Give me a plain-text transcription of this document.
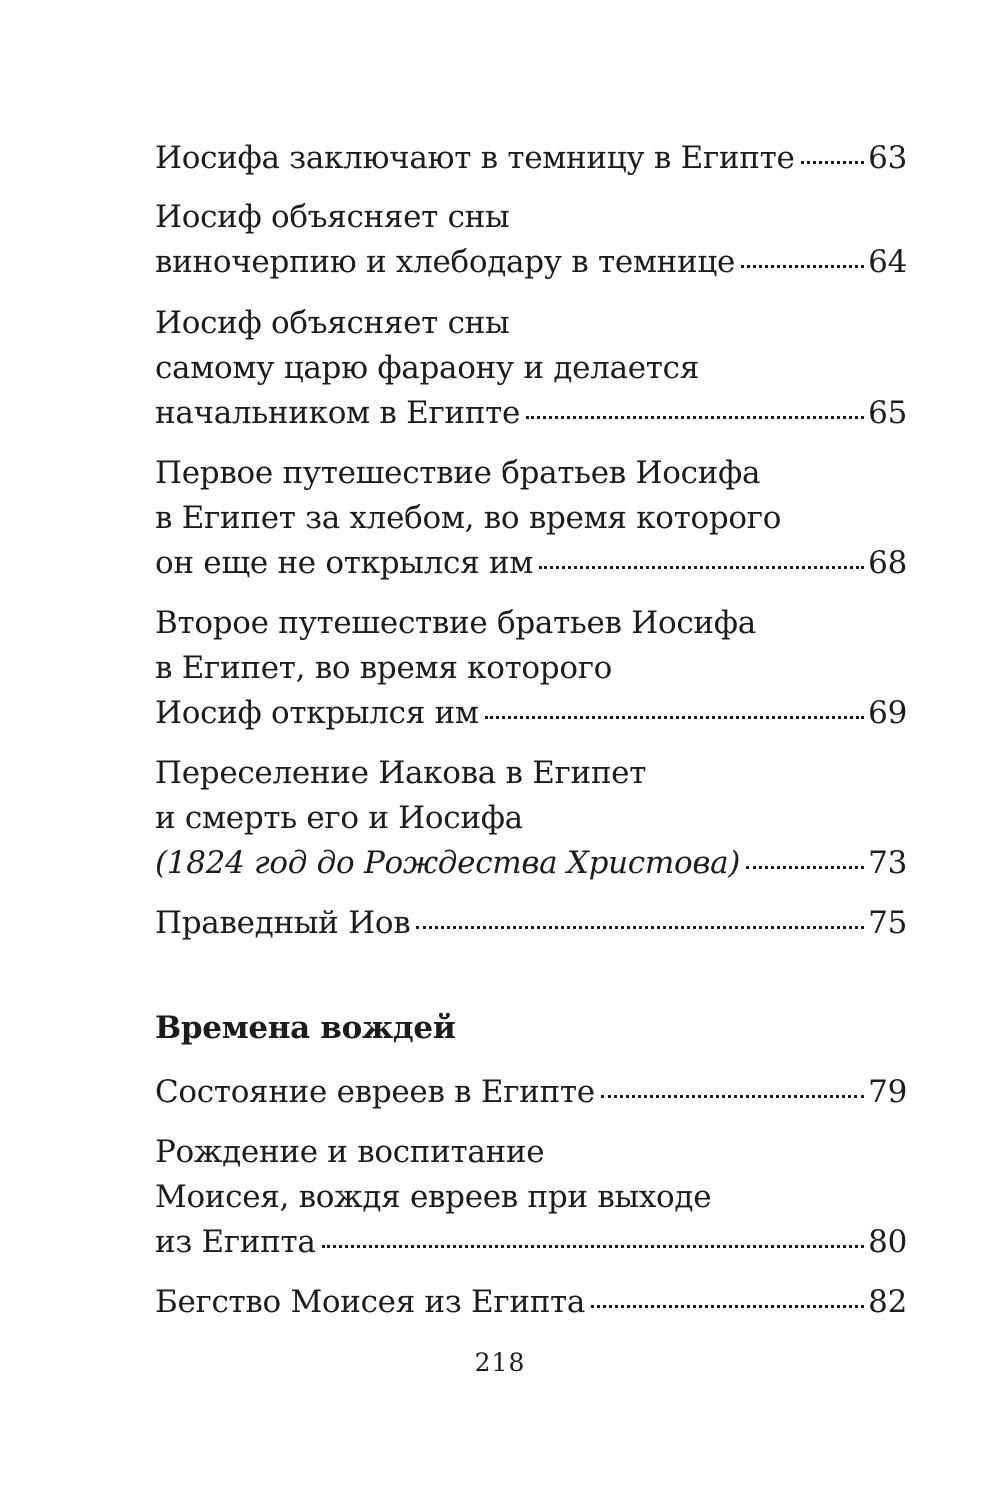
Иосифа заключают в темницу в Египте 63
Иосиф объясняет сны
виночерпию и хлебодару в темнице	64
Иосиф объясняет сны
самому царю фараону и делается
начальником в Египте	65
Первое путешествие братьев Иосифа
в Египет за хлебом, во время которого
он еще не открылся им	68
Второе путешествие братьев Иосифа
в Египет, во время которого
Иосиф открылся им	69
Переселение Иакова в Египет
и смерть его и Иосифа
(1824 год до Рождества Христова)	73
Праведный Иов	75
Времена вождей
Состояние евреев в Египте	79
Рождение и воспитание
Моисея, вождя евреев при выходе
из Египта	80
Бегство Моисея из Египта	82
218
